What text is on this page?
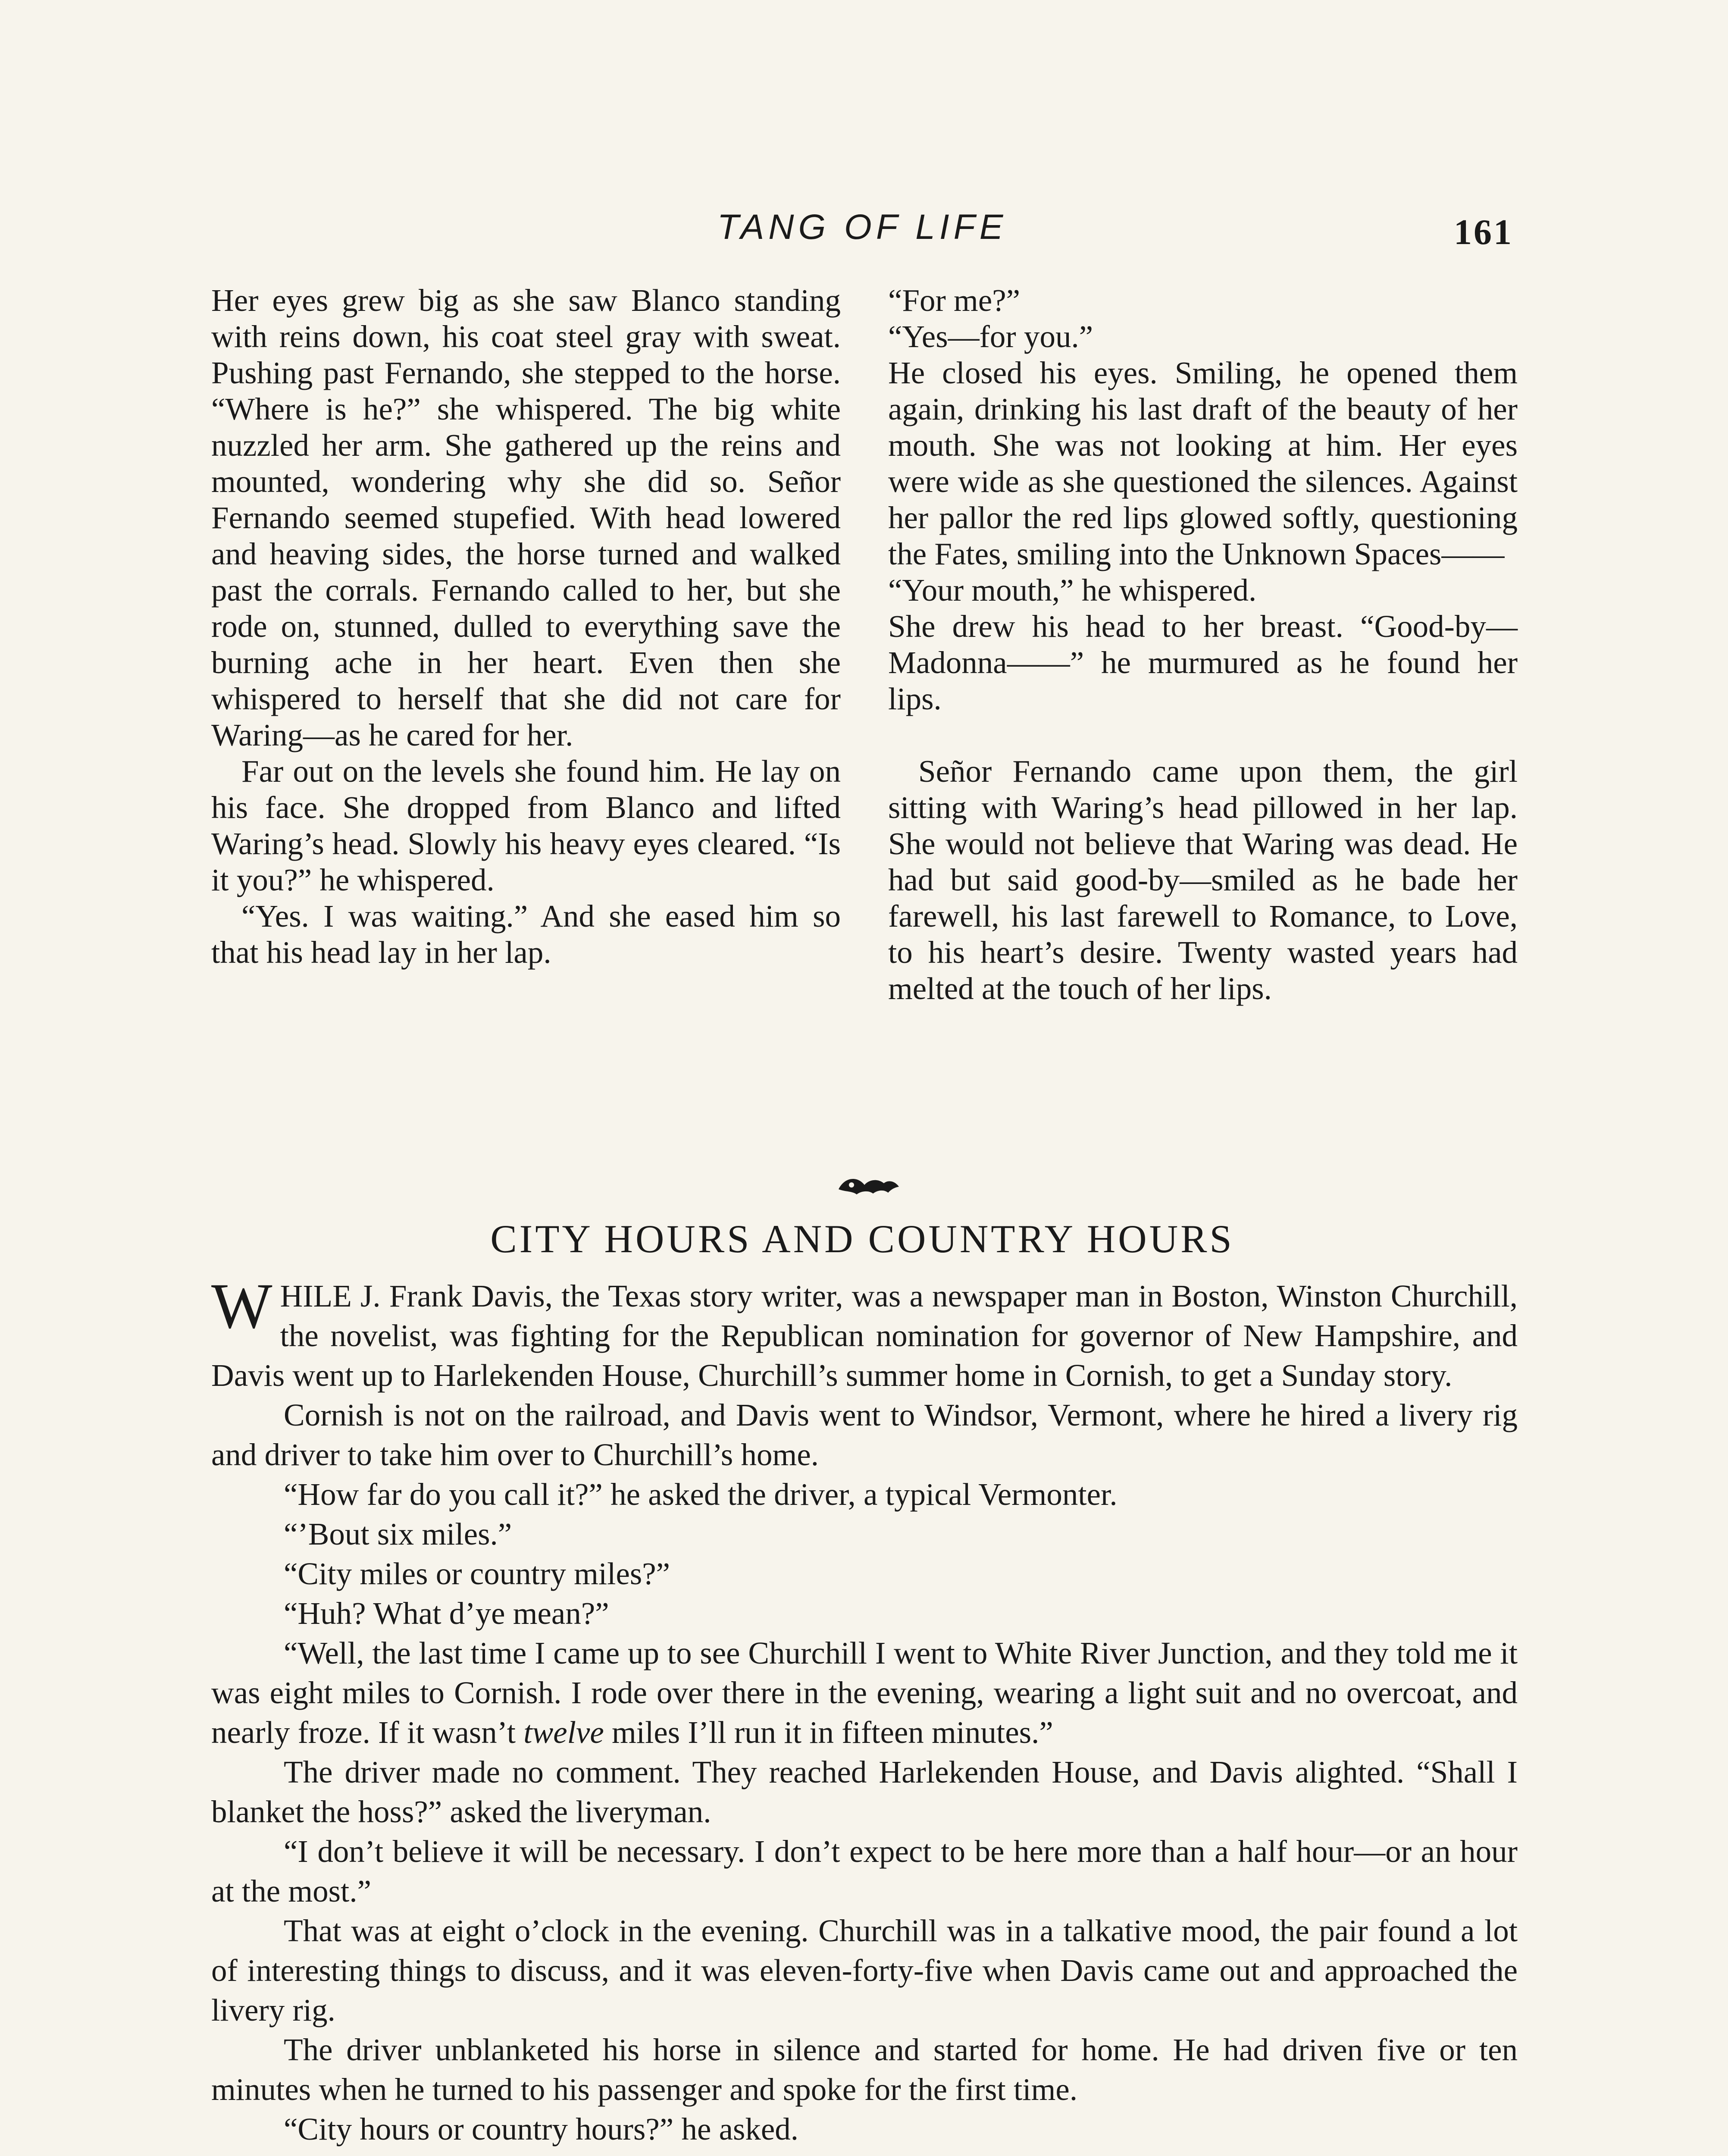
TANG OF LIFE	161

Her eyes grew big as she saw Blanco standing with reins down, his coat steel gray with sweat. Pushing past Fernando, she stepped to the horse. “Where is he?” she whispered. The big white nuzzled her arm. She gathered up the reins and mounted, wondering why she did so. Señor Fernando seemed stupefied. With head lowered and heaving sides, the horse turned and walked past the corrals. Fernando called to her, but she rode on, stunned, dulled to everything save the burning ache in her heart. Even then she whispered to herself that she did not care for Waring—as he cared for her.

Far out on the levels she found him. He lay on his face. She dropped from Blanco and lifted Waring’s head. Slowly his heavy eyes cleared. “Is it you?” he whispered.

“Yes. I was waiting.” And she eased him so that his head lay in her lap.

“For me?”

“Yes—for you.”

He closed his eyes. Smiling, he opened them again, drinking his last draft of the beauty of her mouth. She was not looking at him. Her eyes were wide as she questioned the silences. Against her pallor the red lips glowed softly, questioning the Fates, smiling into the Unknown Spaces——

“Your mouth,” he whispered.

She drew his head to her breast. “Good-by—Madonna——” he murmured as he found her lips.

Señor Fernando came upon them, the girl sitting with Waring’s head pillowed in her lap. She would not believe that Waring was dead. He had but said good-by—smiled as he bade her farewell, his last farewell to Romance, to Love, to his heart’s desire. Twenty wasted years had melted at the touch of her lips.

CITY HOURS AND COUNTRY HOURS

WHILE J. Frank Davis, the Texas story writer, was a newspaper man in Boston, Winston Churchill, the novelist, was fighting for the Republican nomination for governor of New Hampshire, and Davis went up to Harlekenden House, Churchill’s summer home in Cornish, to get a Sunday story.

Cornish is not on the railroad, and Davis went to Windsor, Vermont, where he hired a livery rig and driver to take him over to Churchill’s home.

“How far do you call it?” he asked the driver, a typical Vermonter.

“’Bout six miles.”

“City miles or country miles?”

“Huh? What d’ye mean?”

“Well, the last time I came up to see Churchill I went to White River Junction, and they told me it was eight miles to Cornish. I rode over there in the evening, wearing a light suit and no overcoat, and nearly froze. If it wasn’t twelve miles I’ll run it in fifteen minutes.”

The driver made no comment. They reached Harlekenden House, and Davis alighted. “Shall I blanket the hoss?” asked the liveryman.

“I don’t believe it will be necessary. I don’t expect to be here more than a half hour—or an hour at the most.”

That was at eight o’clock in the evening. Churchill was in a talkative mood, the pair found a lot of interesting things to discuss, and it was eleven-forty-five when Davis came out and approached the livery rig.

The driver unblanketed his horse in silence and started for home. He had driven five or ten minutes when he turned to his passenger and spoke for the first time.

“City hours or country hours?” he asked.
